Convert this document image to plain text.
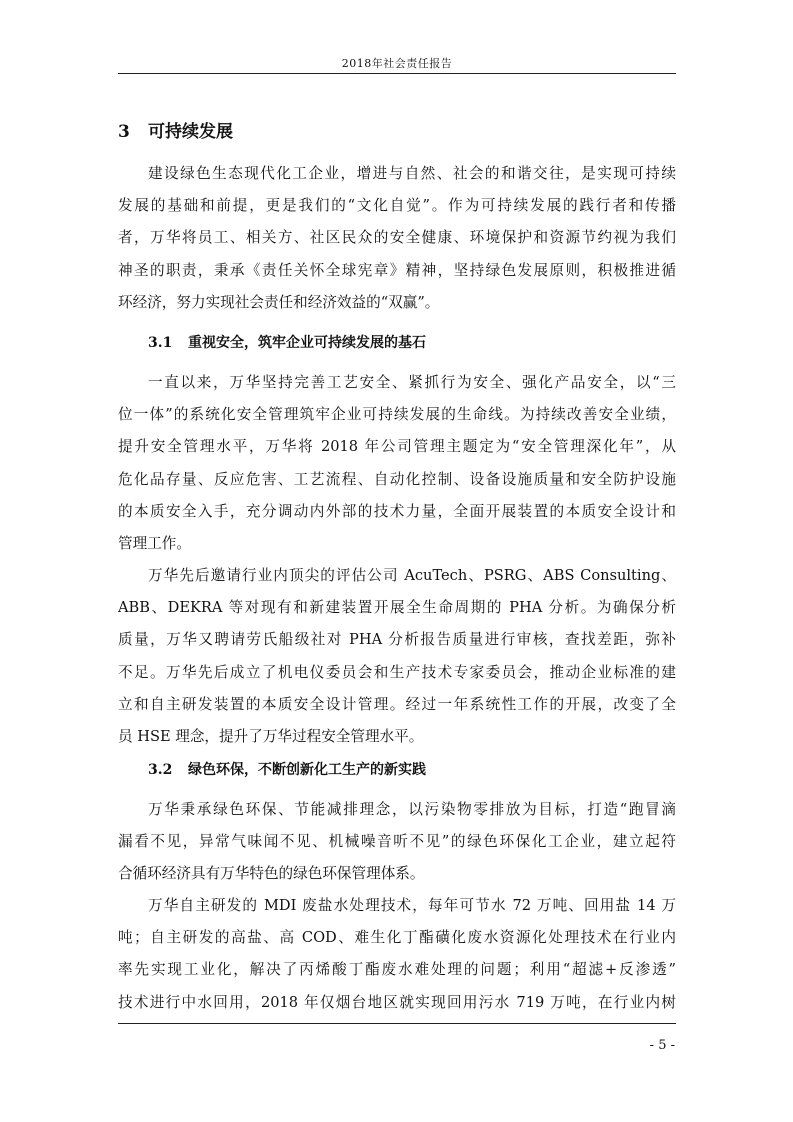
2018年社会责任报告
3 可持续发展
建设绿色生态现代化工企业，增进与自然、社会的和谐交往，是实现可持续
发展的基础和前提，更是我们的“文化自觉”。作为可持续发展的践行者和传播
者，万华将员工、相关方、社区民众的安全健康、环境保护和资源节约视为我们
神圣的职责，秉承《责任关怀全球宪章》精神，坚持绿色发展原则，积极推进循
环经济，努力实现社会责任和经济效益的“双赢”。
3.1 重视安全，筑牢企业可持续发展的基石
一直以来，万华坚持完善工艺安全、紧抓行为安全、强化产品安全，以“三
位一体”的系统化安全管理筑牢企业可持续发展的生命线。为持续改善安全业绩，
提升安全管理水平，万华将 2018 年公司管理主题定为“安全管理深化年”，从
危化品存量、反应危害、工艺流程、自动化控制、设备设施质量和安全防护设施
的本质安全入手，充分调动内外部的技术力量，全面开展装置的本质安全设计和
管理工作。
万华先后邀请行业内顶尖的评估公司 AcuTech、PSRG、ABS Consulting、
ABB、DEKRA 等对现有和新建装置开展全生命周期的 PHA 分析。为确保分析
质量，万华又聘请劳氏船级社对 PHA 分析报告质量进行审核，查找差距，弥补
不足。万华先后成立了机电仪委员会和生产技术专家委员会，推动企业标准的建
立和自主研发装置的本质安全设计管理。经过一年系统性工作的开展，改变了全
员 HSE 理念，提升了万华过程安全管理水平。
3.2 绿色环保，不断创新化工生产的新实践
万华秉承绿色环保、节能减排理念，以污染物零排放为目标，打造“跑冒滴
漏看不见，异常气味闻不见、机械噪音听不见”的绿色环保化工企业，建立起符
合循环经济具有万华特色的绿色环保管理体系。
万华自主研发的 MDI 废盐水处理技术，每年可节水 72 万吨、回用盐 14 万
吨；自主研发的高盐、高 COD、难生化丁酯磺化废水资源化处理技术在行业内
率先实现工业化，解决了丙烯酸丁酯废水难处理的问题；利用“超滤+反渗透”
技术进行中水回用，2018 年仅烟台地区就实现回用污水 719 万吨，在行业内树
- 5 -
